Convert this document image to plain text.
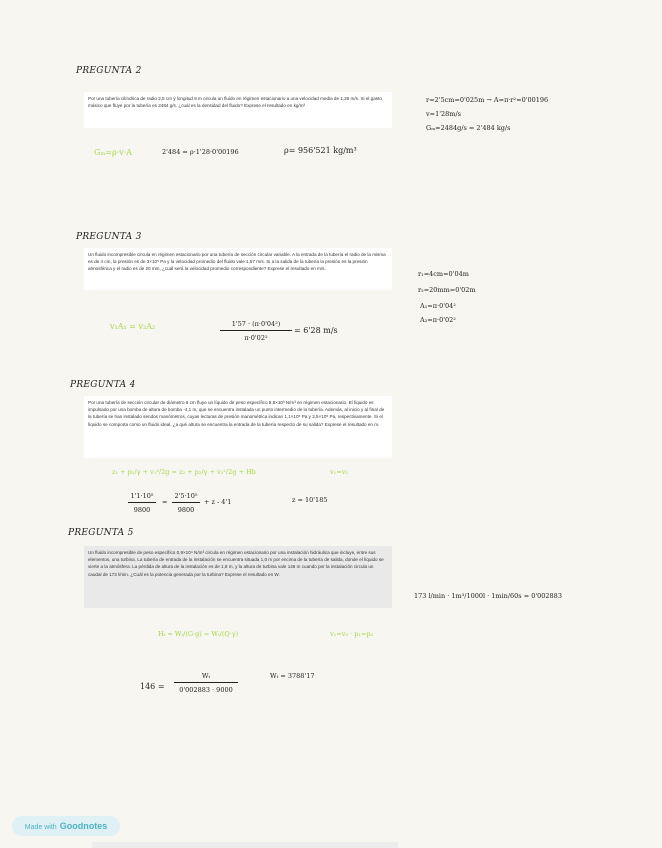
PREGUNTA 2
Por una tubería cilíndrica de radio 2,5 cm y longitud 8 m circula un fluido en régimen estacionario a una velocidad media de 1,28 m/s. Si el gasto másico que fluye por la tubería es 2484 g/s, ¿cuál es la densidad del fluido? Exprese el resultado en kg/m³
Gₘ=ρ·v·A	2'484 = ρ·1'28·0'00196	ρ= 956'521 kg/m³
r=2'5cm=0'025m → A=π·r²=0'00196
v=1'28m/s
Gₘ=2484g/s = 2'484 kg/s
PREGUNTA 3
Un fluido incompresible circula en régimen estacionario por una tubería de sección circular variable. A la entrada de la tubería el radio de la misma es de 4 cm, la presión es de 3×10⁵ Pa y la velocidad promedio del fluido vale 1,57 m/s. Si a la salida de la tubería la presión es la presión atmosférica y el radio es de 20 mm, ¿cuál será la velocidad promedio correspondiente? Exprese el resultado en m/s.
v₁A₁ = v₂A₂	1'57 · (π·0'04²)
π·0'02²
= 6'28 m/s
r₁=4cm=0'04m
r₂=20mm=0'02m
A₁=π·0'04²
A₂=π·0'02²
PREGUNTA 4
Por una tubería de sección circular de diámetro 6 cm fluye un líquido de peso específico 9,8×10³ N/m³ en régimen estacionario. El líquido es impulsado por una bomba de altura de bomba -4,1 m, que se encuentra instalada un punto intermedio de la tubería. Además, al inicio y al final de la tubería se han instalado sendos manómetros, cuyas lecturas de presión manométrica indican 1,1×10⁵ Pa y 2,5×10⁵ Pa, respectivamente. Si el líquido se comporta como un fluido ideal, ¿a qué altura se encuentra la entrada de la tubería respecto de su salida? Exprese el resultado en m.
z₁ + p₁/γ + v₁²/2g = z₂ + p₂/γ + v₂²/2g + Hb	v₁=v₂
1'1·10⁵
9800
=
2'5·10⁵
9800
+ z - 4'1	z = 10'185
PREGUNTA 5
Un fluido incompresible de peso específico 0,9×10⁴ N/m³ circula en régimen estacionario por una instalación hidráulica que incluye, entre sus elementos, una turbina. La tubería de entrada de la instalación se encuentra situada 1,0 m por encima de la tubería de salida, donde el líquido se vierte a la atmósfera. La pérdida de altura de la instalación es de 1,8 m, y la altura de turbina vale 146 m cuando por la instalación circula un caudal de 173 l/min. ¿Cuál es la potencia generada por la turbina? Exprese el resultado en W.
Hₜ = Wₜ/(G·g) = Wₜ/(Q·γ)	v₁=v₂ · p₁=p₂
173 l/min · 1m³/1000l · 1min/60s = 0'002883
146 =
Wₜ
0'002883 · 9000
Wₜ = 3788'17
Made with Goodnotes
